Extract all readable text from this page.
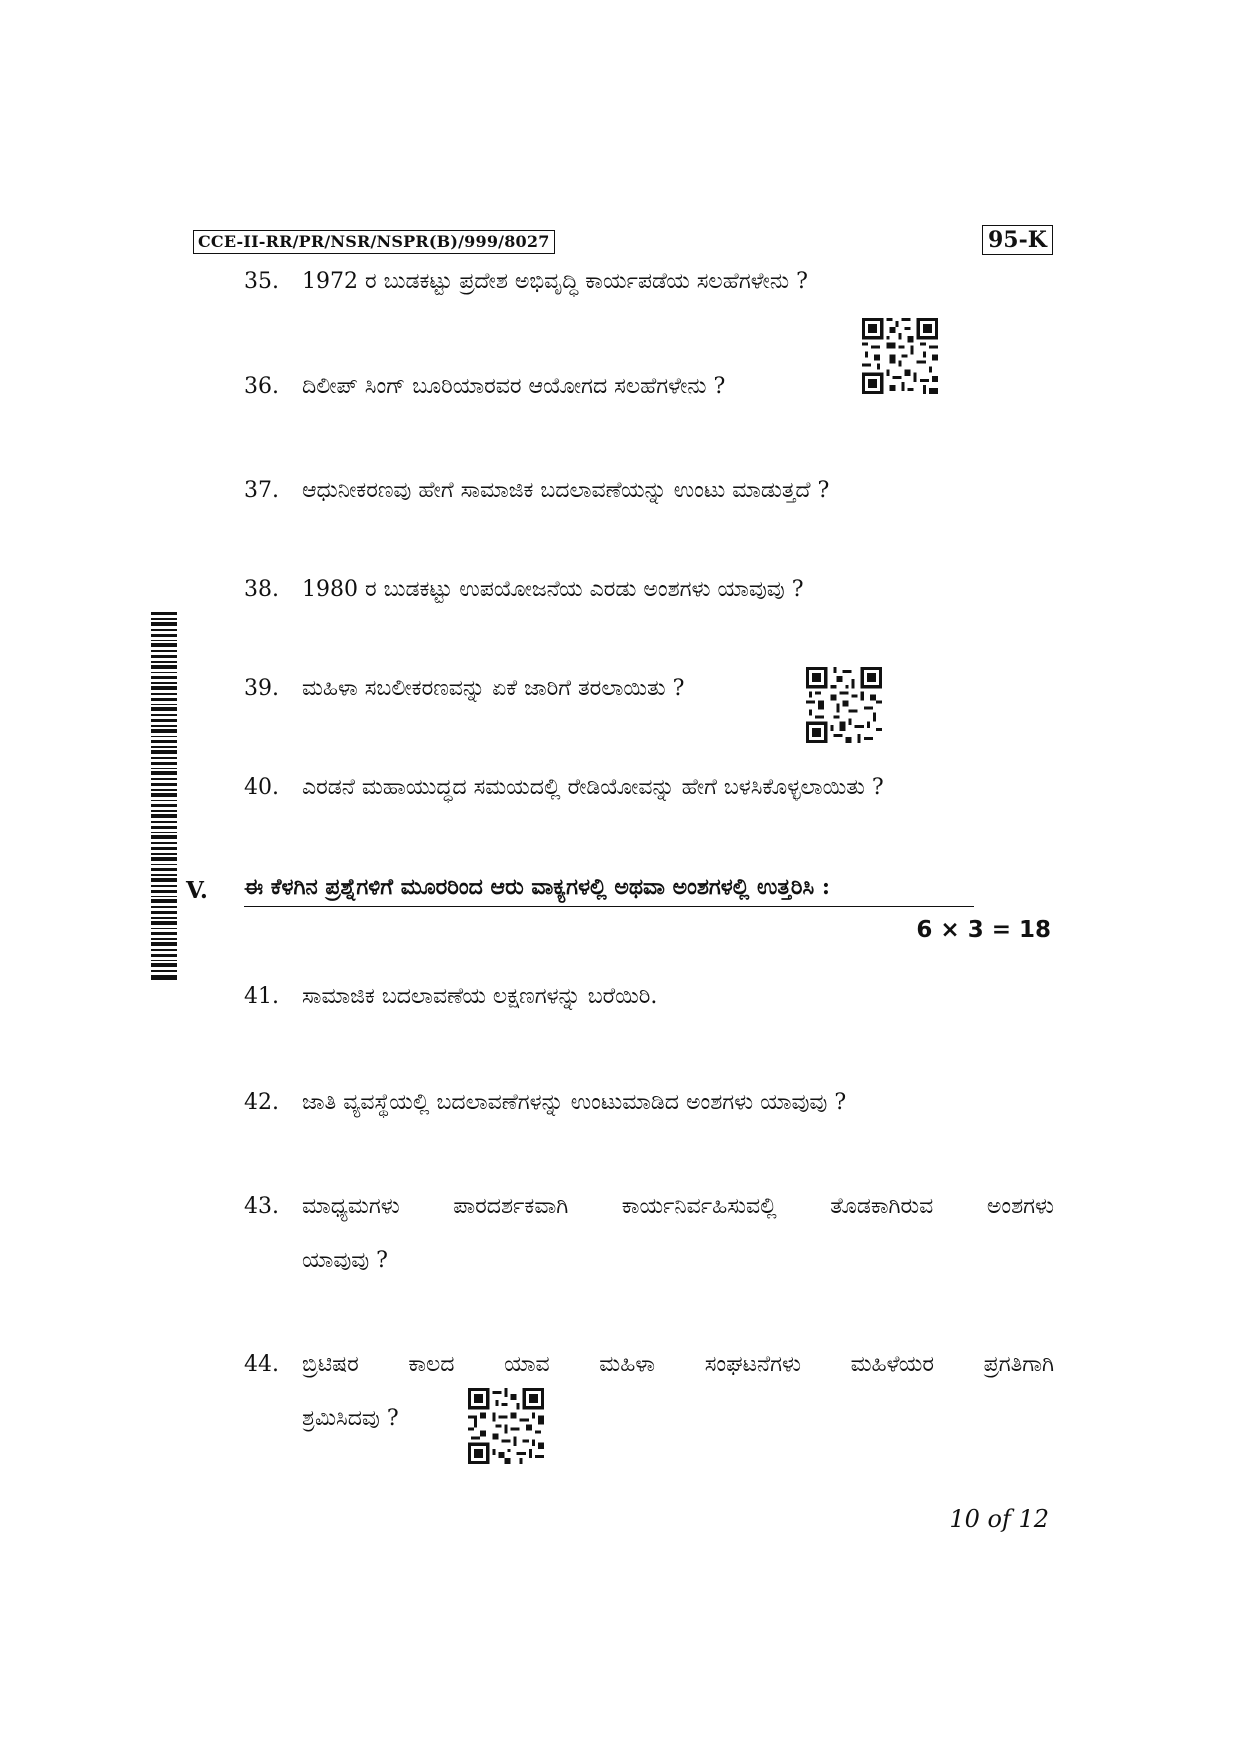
CCE-II-RR/PR/NSR/NSPR(B)/999/8027	95-K
35. 1972 ರ ಬುಡಕಟ್ಟು ಪ್ರದೇಶ ಅಭಿವೃದ್ಧಿ ಕಾರ್ಯಪಡೆಯ ಸಲಹೆಗಳೇನು ?
36. ದಿಲೀಪ್ ಸಿಂಗ್ ಬೂರಿಯಾರವರ ಆಯೋಗದ ಸಲಹೆಗಳೇನು ?
37. ಆಧುನೀಕರಣವು ಹೇಗೆ ಸಾಮಾಜಿಕ ಬದಲಾವಣೆಯನ್ನು ಉಂಟು ಮಾಡುತ್ತದೆ ?
38. 1980 ರ ಬುಡಕಟ್ಟು ಉಪಯೋಜನೆಯ ಎರಡು ಅಂಶಗಳು ಯಾವುವು ?
39. ಮಹಿಳಾ ಸಬಲೀಕರಣವನ್ನು ಏಕೆ ಜಾರಿಗೆ ತರಲಾಯಿತು ?
40. ಎರಡನೆ ಮಹಾಯುದ್ಧದ ಸಮಯದಲ್ಲಿ ರೇಡಿಯೋವನ್ನು ಹೇಗೆ ಬಳಸಿಕೊಳ್ಳಲಾಯಿತು ?
V. ಈ ಕೆಳಗಿನ ಪ್ರಶ್ನೆಗಳಿಗೆ ಮೂರರಿಂದ ಆರು ವಾಕ್ಯಗಳಲ್ಲಿ ಅಥವಾ ಅಂಶಗಳಲ್ಲಿ ಉತ್ತರಿಸಿ :
6 × 3 = 18
41. ಸಾಮಾಜಿಕ ಬದಲಾವಣೆಯ ಲಕ್ಷಣಗಳನ್ನು ಬರೆಯಿರಿ.
42. ಜಾತಿ ವ್ಯವಸ್ಥೆಯಲ್ಲಿ ಬದಲಾವಣೆಗಳನ್ನು ಉಂಟುಮಾಡಿದ ಅಂಶಗಳು ಯಾವುವು ?
43.	ಮಾಧ್ಯಮಗಳು ಪಾರದರ್ಶಕವಾಗಿ ಕಾರ್ಯನಿರ್ವಹಿಸುವಲ್ಲಿ ತೊಡಕಾಗಿರುವ ಅಂಶಗಳು
ಯಾವುವು ?
44.	ಬ್ರಿಟಿಷರ ಕಾಲದ ಯಾವ ಮಹಿಳಾ ಸಂಘಟನೆಗಳು ಮಹಿಳೆಯರ ಪ್ರಗತಿಗಾಗಿ
ಶ್ರಮಿಸಿದವು ?
10 of 12
